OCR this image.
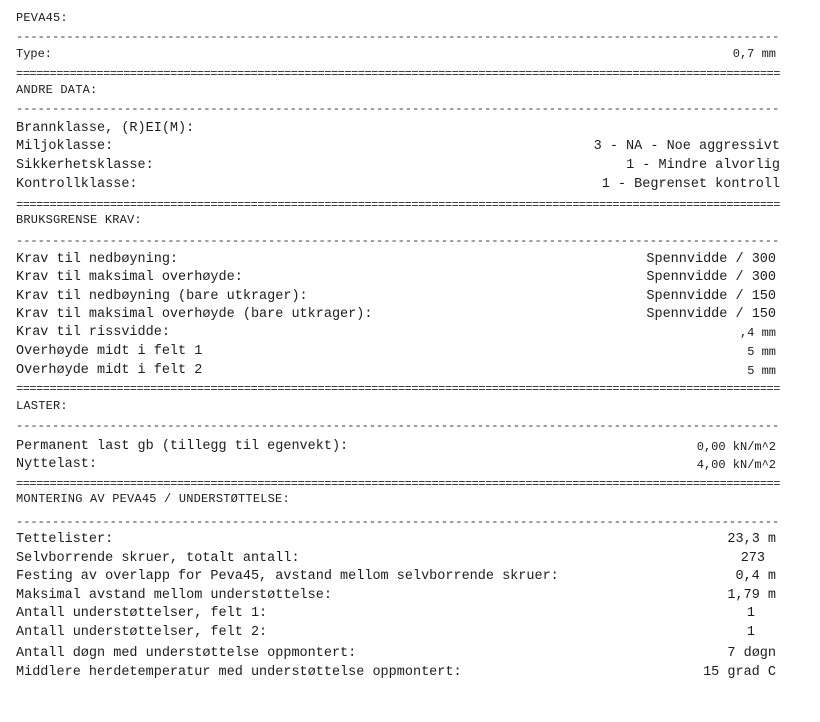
PEVA45:
-----
Type:	0,7 mm
=====
ANDRE DATA:
-----
Brannklasse, (R)EI(M):
Miljoklasse:	3 - NA - Noe aggressivt
Sikkerhetsklasse:	1 - Mindre alvorlig
Kontrollklasse:	1 - Begrenset kontroll
=====
BRUKSGRENSE KRAV:
-----
Krav til nedbøyning:	Spennvidde / 300
Krav til maksimal overhøyde:	Spennvidde / 300
Krav til nedbøyning (bare utkrager):	Spennvidde / 150
Krav til maksimal overhøyde (bare utkrager):	Spennvidde / 150
Krav til rissvidde:	,4 mm
Overhøyde midt i felt 1	5 mm
Overhøyde midt i felt 2	5 mm
=====
LASTER:
-----
Permanent last gb (tillegg til egenvekt):	0,00 kN/m^2
Nyttelast:	4,00 kN/m^2
=====
MONTERING AV PEVA45 / UNDERSTØTTELSE:
-----
Tettelister:	23,3 m
Selvborrende skruer, totalt antall:	273
Festing av overlapp for Peva45, avstand mellom selvborrende skruer:	0,4 m
Maksimal avstand mellom understøttelse:	1,79 m
Antall understøttelser, felt 1:	1
Antall understøttelser, felt 2:	1
Antall døgn med understøttelse oppmontert:	7 døgn
Middlere herdetemperatur med understøttelse oppmontert:	15 grad C
